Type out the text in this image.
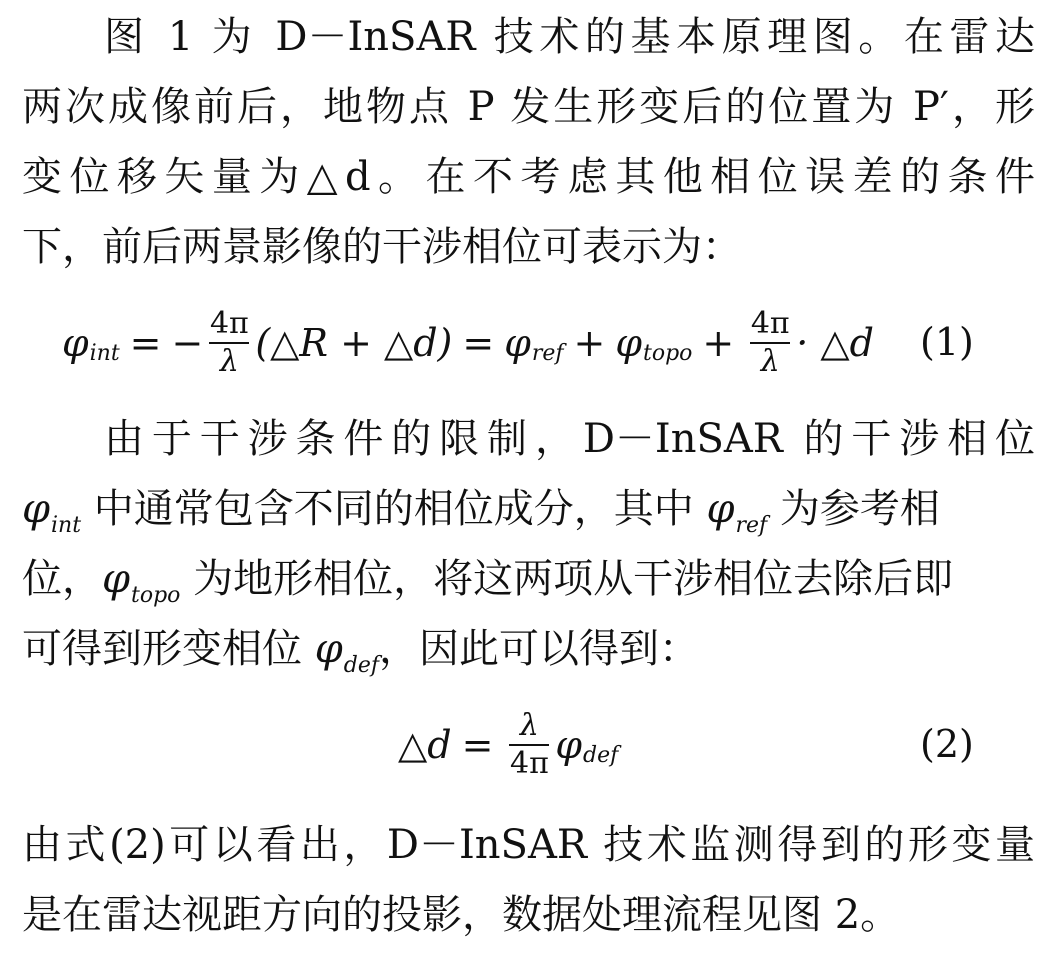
图 1 为 D－InSAR 技术的基本原理图。在雷达
两次成像前后，地物点 P 发生形变后的位置为 P′，形
变位移矢量为△d。在不考虑其他相位误差的条件
下，前后两景影像的干涉相位可表示为：
φ int = − $\frac{4\pi}{\lambda}$ (△R + △d) = φ ref + φ topo + $\frac{4\pi}{\lambda}$ · △d (1)
由于干涉条件的限制，D－InSAR 的干涉相位
$\varphi_{int}$ 中通常包含不同的相位成分，其中 $\varphi_{ref}$ 为参考相
位，$\varphi_{topo}$ 为地形相位，将这两项从干涉相位去除后即
可得到形变相位 $\varphi_{def}$，因此可以得到：
△d = $\frac{\lambda}{4\pi}$ φ def	(2)
由式(2)可以看出，D－InSAR 技术监测得到的形变量
是在雷达视距方向的投影，数据处理流程见图 2。
